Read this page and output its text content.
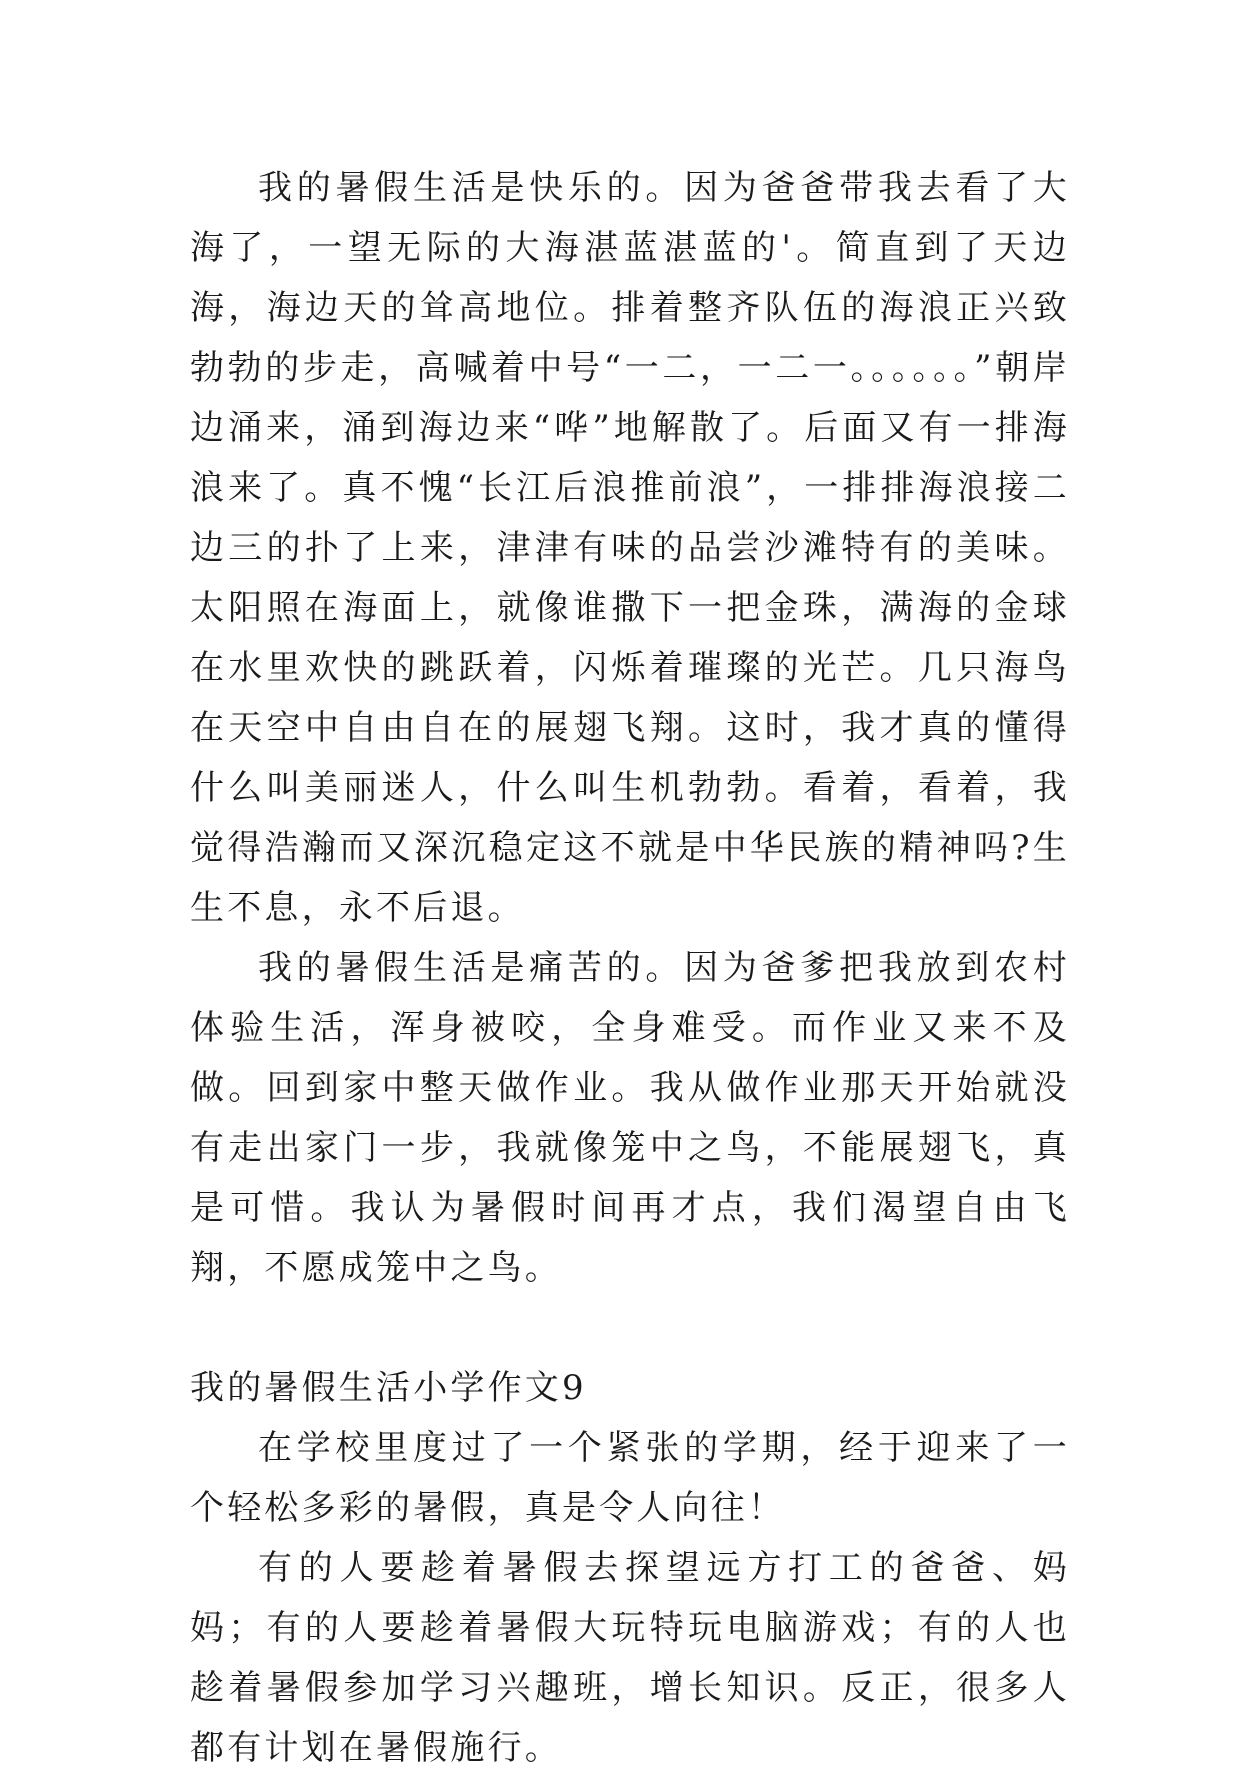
我的暑假生活是快乐的。因为爸爸带我去看了大海了，一望无际的大海湛蓝湛蓝的'。简直到了天边海，海边天的耸高地位。排着整齐队伍的海浪正兴致勃勃的步走，高喊着中号“一二，一二一。。。。。。”朝岸边涌来，涌到海边来“哗”地解散了。后面又有一排海浪来了。真不愧“长江后浪推前浪”，一排排海浪接二边三的扑了上来，津津有味的品尝沙滩特有的美味。太阳照在海面上，就像谁撒下一把金珠，满海的金球在水里欢快的跳跃着，闪烁着璀璨的光芒。几只海鸟在天空中自由自在的展翅飞翔。这时，我才真的懂得什么叫美丽迷人，什么叫生机勃勃。看着，看着，我觉得浩瀚而又深沉稳定这不就是中华民族的精神吗?生生不息，永不后退。

我的暑假生活是痛苦的。因为爸爹把我放到农村体验生活，浑身被咬，全身难受。而作业又来不及做。回到家中整天做作业。我从做作业那天开始就没有走出家门一步，我就像笼中之鸟，不能展翅飞，真是可惜。我认为暑假时间再才点，我们渴望自由飞翔，不愿成笼中之鸟。

我的暑假生活小学作文9

在学校里度过了一个紧张的学期，经于迎来了一个轻松多彩的暑假，真是令人向往！

有的人要趁着暑假去探望远方打工的爸爸、妈妈；有的人要趁着暑假大玩特玩电脑游戏；有的人也趁着暑假参加学习兴趣班，增长知识。反正，很多人都有计划在暑假施行。
